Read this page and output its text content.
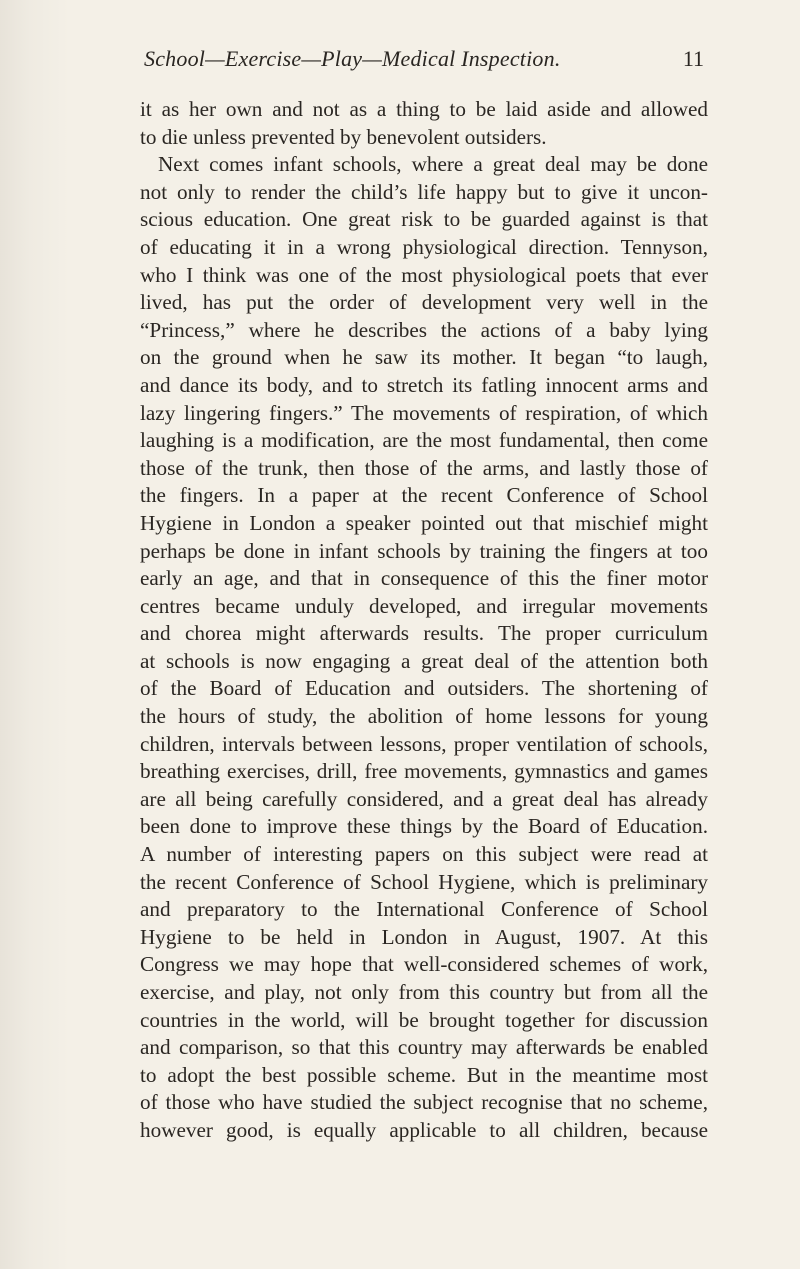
School—Exercise—Play—Medical Inspection.	11
it as her own and not as a thing to be laid aside and allowed
to die unless prevented by benevolent outsiders.
Next comes infant schools, where a great deal may be done
not only to render the child’s life happy but to give it uncon-
scious education. One great risk to be guarded against is that
of educating it in a wrong physiological direction. Tennyson,
who I think was one of the most physiological poets that ever
lived, has put the order of development very well in the
“Princess,” where he describes the actions of a baby lying
on the ground when he saw its mother. It began “to laugh,
and dance its body, and to stretch its fatling innocent arms and
lazy lingering fingers.” The movements of respiration, of which
laughing is a modification, are the most fundamental, then come
those of the trunk, then those of the arms, and lastly those of
the fingers. In a paper at the recent Conference of School
Hygiene in London a speaker pointed out that mischief might
perhaps be done in infant schools by training the fingers at too
early an age, and that in consequence of this the finer motor
centres became unduly developed, and irregular movements
and chorea might afterwards results. The proper curriculum
at schools is now engaging a great deal of the attention both
of the Board of Education and outsiders. The shortening of
the hours of study, the abolition of home lessons for young
children, intervals between lessons, proper ventilation of schools,
breathing exercises, drill, free movements, gymnastics and games
are all being carefully considered, and a great deal has already
been done to improve these things by the Board of Education.
A number of interesting papers on this subject were read at
the recent Conference of School Hygiene, which is preliminary
and preparatory to the International Conference of School
Hygiene to be held in London in August, 1907. At this
Congress we may hope that well-considered schemes of work,
exercise, and play, not only from this country but from all the
countries in the world, will be brought together for discussion
and comparison, so that this country may afterwards be enabled
to adopt the best possible scheme. But in the meantime most
of those who have studied the subject recognise that no scheme,
however good, is equally applicable to all children, because
